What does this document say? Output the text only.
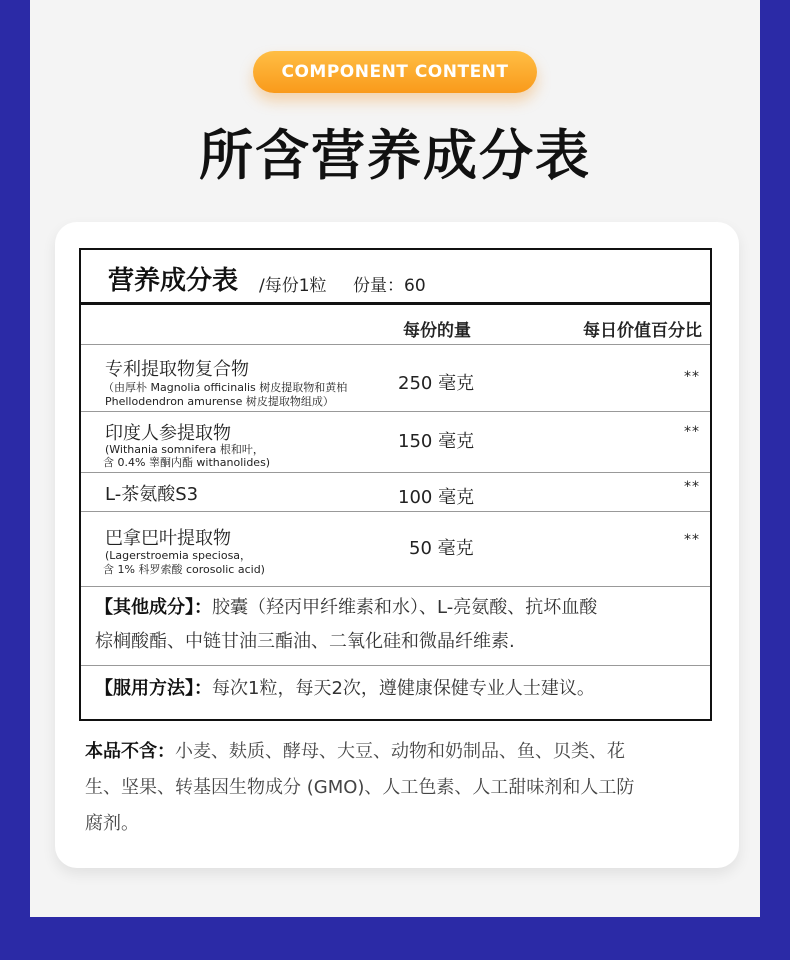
COMPONENT CONTENT
所含营养成分表
营养成分表 /每份1粒 份量：60
每份的量	每日价值百分比
专利提取物复合物
（由厚朴 Magnolia officinalis 树皮提取物和黄柏
Phellodendron amurense 树皮提取物组成）
250 毫克	**
印度人参提取物
(Withania somnifera 根和叶，
含 0.4% 睾酮内酯 withanolides)
150 毫克	**
L-茶氨酸S3	100 毫克	**
巴拿巴叶提取物
(Lagerstroemia speciosa，
含 1% 科罗索酸 corosolic acid)
50 毫克	**
【其他成分】：胶囊（羟丙甲纤维素和水）、L-亮氨酸、抗坏血酸
棕榈酸酯、中链甘油三酯油、二氧化硅和微晶纤维素.
【服用方法】：每次1粒，每天2次，遵健康保健专业人士建议。
本品不含：小麦、麸质、酵母、大豆、动物和奶制品、鱼、贝类、花
生、坚果、转基因生物成分 (GMO)、人工色素、人工甜味剂和人工防
腐剂。
